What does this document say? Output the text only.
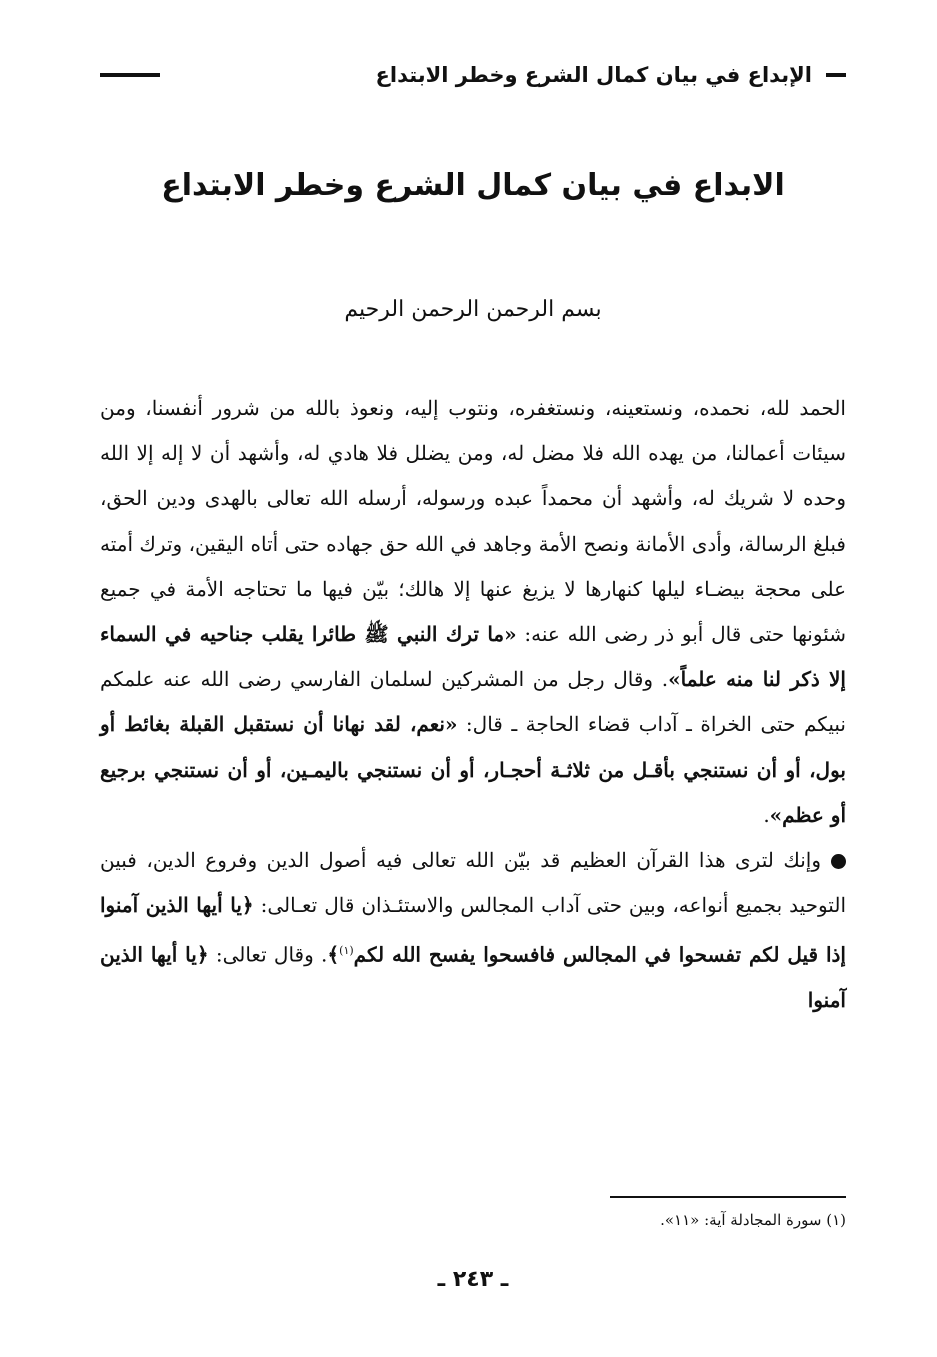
الإبداع في بيان كمال الشرع وخطر الابتداع
الابداع في بيان كمال الشرع وخطر الابتداع
بسم الرحمن الرحمن الرحيم

الحمد لله، نحمده، ونستعينه، ونستغفره، ونتوب إليه، ونعوذ بالله من شرور أنفسنا، ومن سيئات أعمالنا، من يهده الله فلا مضل له، ومن يضلل فلا هادي له، وأشهد أن لا إله إلا الله وحده لا شريك له، وأشهد أن محمداً عبده ورسوله، أرسله الله تعالى بالهدى ودين الحق، فبلغ الرسالة، وأدى الأمانة ونصح الأمة وجاهد في الله حق جهاده حتى أتاه اليقين، وترك أمته على محجة بيضـاء ليلها كنهارها لا يزيغ عنها إلا هالك؛ بيّن فيها ما تحتاجه الأمة في جميع شئونها حتى قال أبو ذر رضى الله عنه: «ما ترك النبي ﷺ طائرا يقلب جناحيه في السماء إلا ذكر لنا منه علماً». وقال رجل من المشركين لسلمان الفارسي رضى الله عنه علمكم نبيكم حتى الخراة ـ آداب قضاء الحاجة ـ قال: «نعم، لقد نهانا أن نستقبل القبلة بغائط أو بول، أو أن نستنجي بأقـل من ثلاثـة أحجـار، أو أن نستنجي باليمـين، أو أن نستنجي برجيع أو عظم».

وإنك لترى هذا القرآن العظيم قد بيّن الله تعالى فيه أصول الدين وفروع الدين، فبين التوحيد بجميع أنواعه، وبين حتى آداب المجالس والاستئـذان قال تعـالى: ﴿يا أيها الذين آمنوا إذا قيل لكم تفسحوا في المجالس فافسحوا يفسح الله لكم$^{(١)}$﴾. وقال تعالى: ﴿يا أيها الذين آمنوا

(١) سورة المجادلة آية: «١١».
ـ ٢٤٣ ـ
